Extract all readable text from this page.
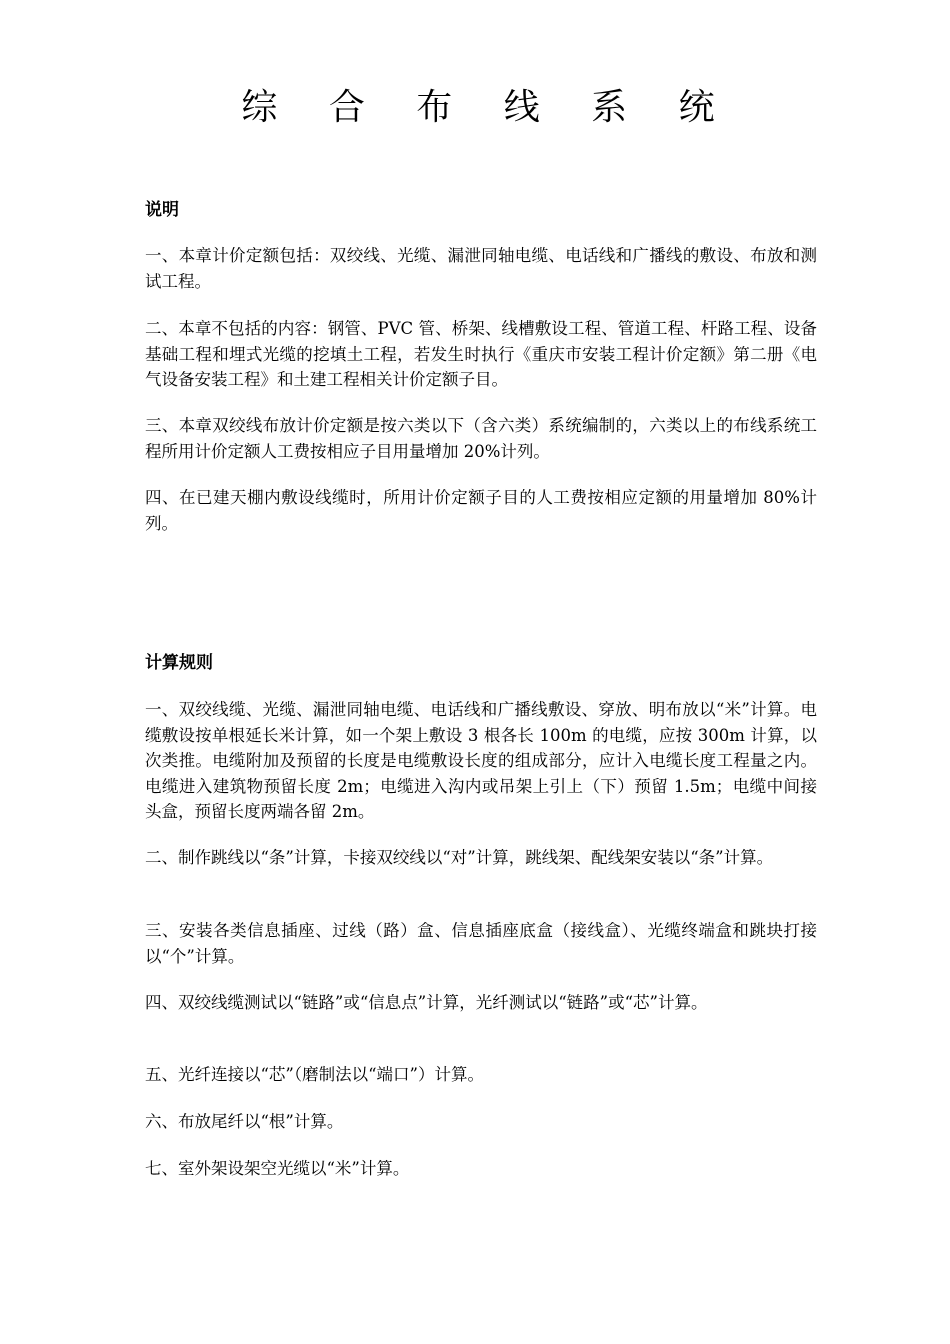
综 合 布 线 系 统
说明

一、本章计价定额包括：双绞线、光缆、漏泄同轴电缆、电话线和广播线的敷设、布放和测试工程。

二、本章不包括的内容：钢管、PVC 管、桥架、线槽敷设工程、管道工程、杆路工程、设备基础工程和埋式光缆的挖填土工程，若发生时执行《重庆市安装工程计价定额》第二册《电气设备安装工程》和土建工程相关计价定额子目。

三、本章双绞线布放计价定额是按六类以下（含六类）系统编制的，六类以上的布线系统工程所用计价定额人工费按相应子目用量增加 20%计列。

四、在已建天棚内敷设线缆时，所用计价定额子目的人工费按相应定额的用量增加 80%计列。

计算规则

一、双绞线缆、光缆、漏泄同轴电缆、电话线和广播线敷设、穿放、明布放以“米”计算。电缆敷设按单根延长米计算，如一个架上敷设 3 根各长 100m 的电缆，应按 300m 计算，以次类推。电缆附加及预留的长度是电缆敷设长度的组成部分，应计入电缆长度工程量之内。电缆进入建筑物预留长度 2m；电缆进入沟内或吊架上引上（下）预留 1.5m；电缆中间接头盒，预留长度两端各留 2m。

二、制作跳线以“条”计算，卡接双绞线以“对”计算，跳线架、配线架安装以“条”计算。

三、安装各类信息插座、过线（路）盒、信息插座底盒（接线盒）、光缆终端盒和跳块打接以“个”计算。

四、双绞线缆测试以“链路”或“信息点”计算，光纤测试以“链路”或“芯”计算。

五、光纤连接以“芯”（磨制法以“端口”）计算。

六、布放尾纤以“根”计算。

七、室外架设架空光缆以“米”计算。
